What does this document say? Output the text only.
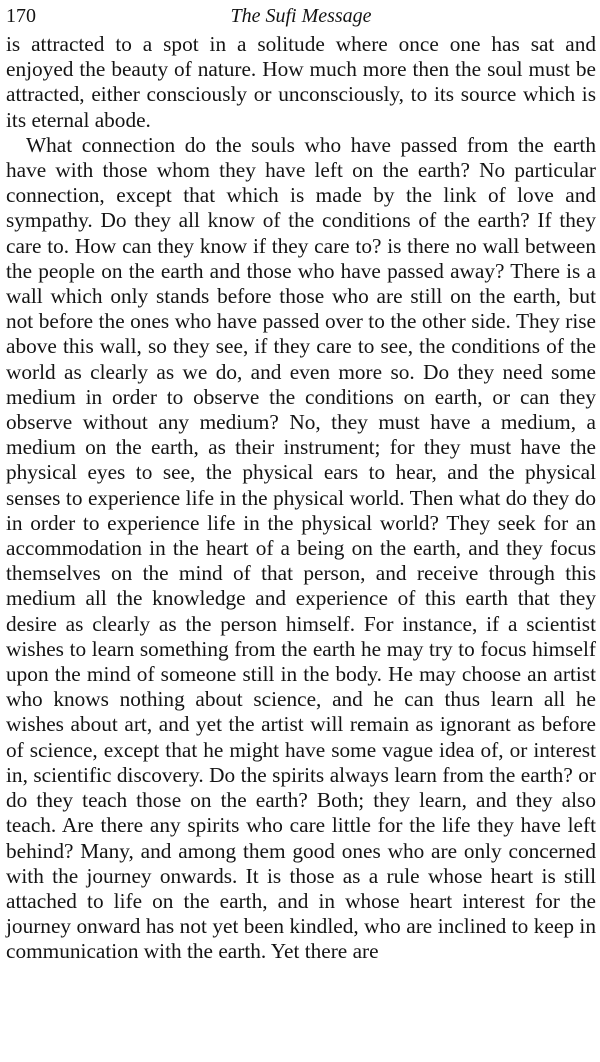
170	The Sufi Message

is attracted to a spot in a solitude where once one has sat and enjoyed the beauty of nature. How much more then the soul must be attracted, either consciously or unconsciously, to its source which is its eternal abode.

What connection do the souls who have passed from the earth have with those whom they have left on the earth? No particular connection, except that which is made by the link of love and sympathy. Do they all know of the conditions of the earth? If they care to. How can they know if they care to? is there no wall between the people on the earth and those who have passed away? There is a wall which only stands before those who are still on the earth, but not before the ones who have passed over to the other side. They rise above this wall, so they see, if they care to see, the conditions of the world as clearly as we do, and even more so. Do they need some medium in order to observe the conditions on earth, or can they observe without any medium? No, they must have a medium, a medium on the earth, as their instrument; for they must have the physical eyes to see, the physical ears to hear, and the physical senses to experience life in the physical world. Then what do they do in order to experience life in the physical world? They seek for an accommodation in the heart of a being on the earth, and they focus themselves on the mind of that person, and receive through this medium all the knowledge and experience of this earth that they desire as clearly as the person himself. For instance, if a scientist wishes to learn something from the earth he may try to focus himself upon the mind of someone still in the body. He may choose an artist who knows nothing about science, and he can thus learn all he wishes about art, and yet the artist will remain as ignorant as before of science, except that he might have some vague idea of, or interest in, scientific discovery. Do the spirits always learn from the earth? or do they teach those on the earth? Both; they learn, and they also teach. Are there any spirits who care little for the life they have left behind? Many, and among them good ones who are only concerned with the journey onwards. It is those as a rule whose heart is still attached to life on the earth, and in whose heart interest for the journey onward has not yet been kindled, who are inclined to keep in communication with the earth. Yet there are
